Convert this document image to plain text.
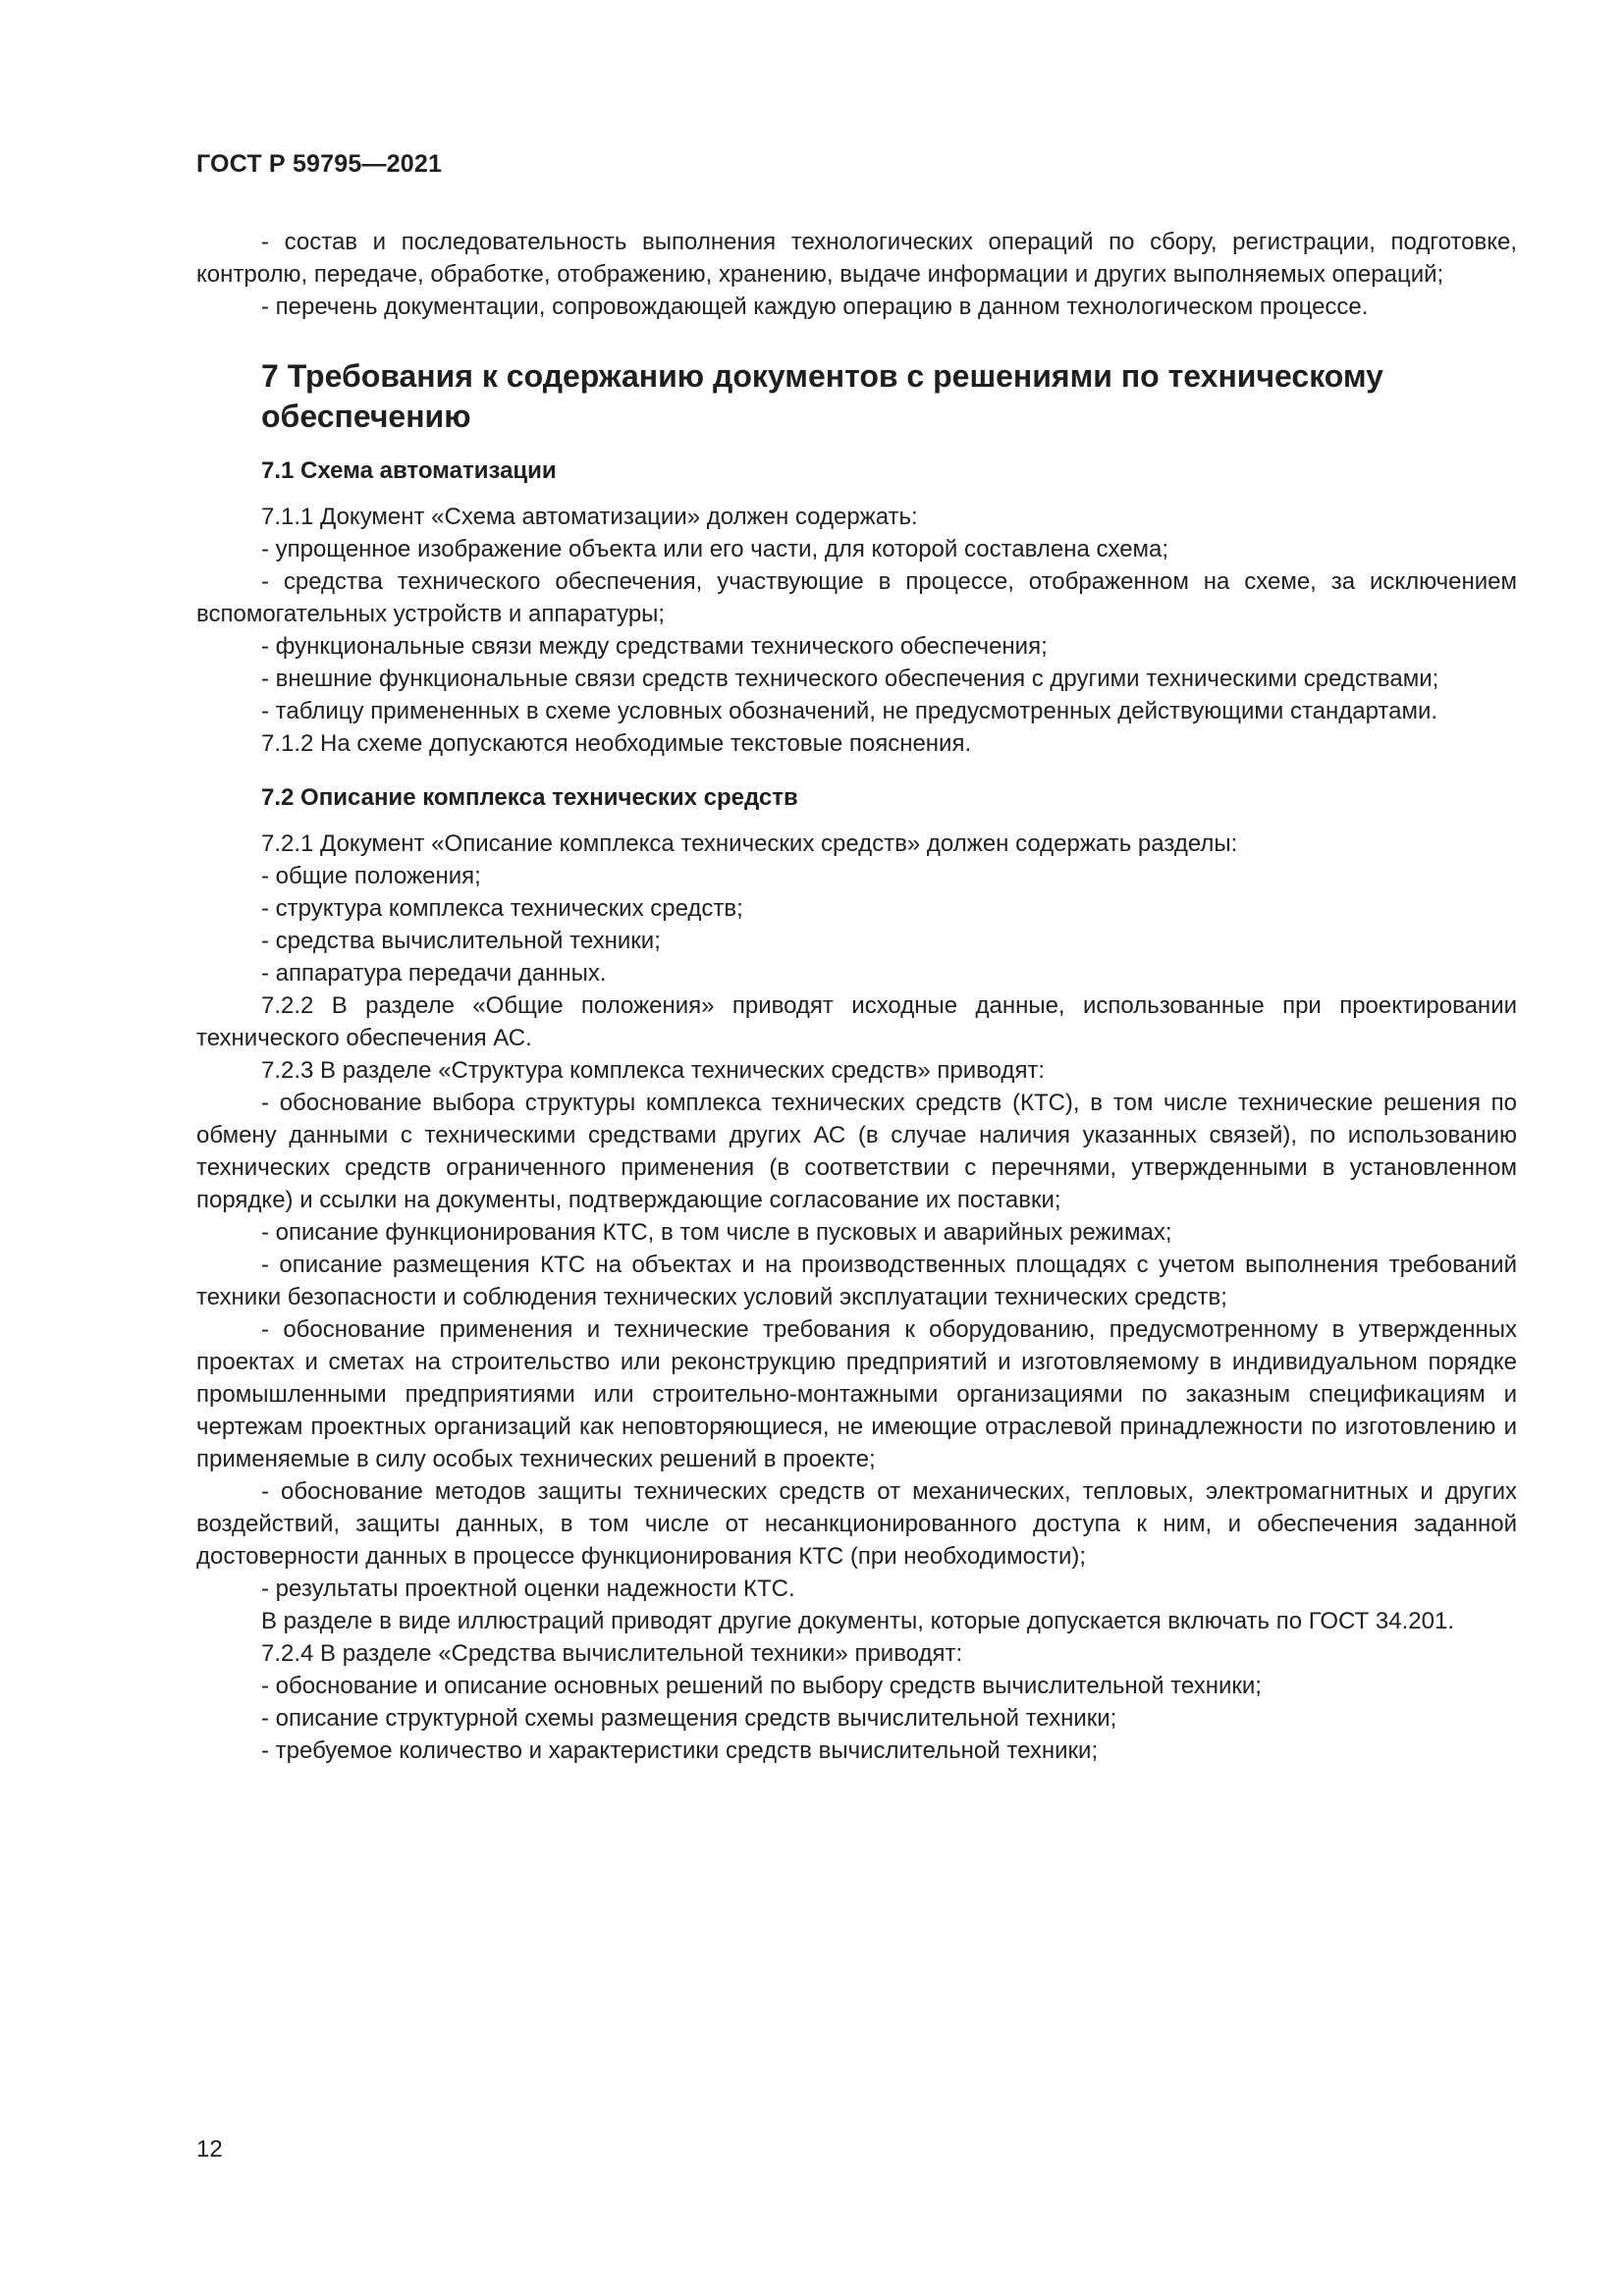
ГОСТ Р 59795—2021

- состав и последовательность выполнения технологических операций по сбору, регистрации, подготовке, контролю, передаче, обработке, отображению, хранению, выдаче информации и других выполняемых операций;

- перечень документации, сопровождающей каждую операцию в данном технологическом процессе.

7 Требования к содержанию документов с решениями по техническому обеспечению
7.1 Схема автоматизации

7.1.1 Документ «Схема автоматизации» должен содержать:

- упрощенное изображение объекта или его части, для которой составлена схема;

- средства технического обеспечения, участвующие в процессе, отображенном на схеме, за исключением вспомогательных устройств и аппаратуры;

- функциональные связи между средствами технического обеспечения;

- внешние функциональные связи средств технического обеспечения с другими техническими средствами;

- таблицу примененных в схеме условных обозначений, не предусмотренных действующими стандартами.

7.1.2 На схеме допускаются необходимые текстовые пояснения.

7.2 Описание комплекса технических средств

7.2.1 Документ «Описание комплекса технических средств» должен содержать разделы:

- общие положения;

- структура комплекса технических средств;

- средства вычислительной техники;

- аппаратура передачи данных.

7.2.2 В разделе «Общие положения» приводят исходные данные, использованные при проектировании технического обеспечения АС.

7.2.3 В разделе «Структура комплекса технических средств» приводят:

- обоснование выбора структуры комплекса технических средств (КТС), в том числе технические решения по обмену данными с техническими средствами других АС (в случае наличия указанных связей), по использованию технических средств ограниченного применения (в соответствии с перечнями, утвержденными в установленном порядке) и ссылки на документы, подтверждающие согласование их поставки;

- описание функционирования КТС, в том числе в пусковых и аварийных режимах;

- описание размещения КТС на объектах и на производственных площадях с учетом выполнения требований техники безопасности и соблюдения технических условий эксплуатации технических средств;

- обоснование применения и технические требования к оборудованию, предусмотренному в утвержденных проектах и сметах на строительство или реконструкцию предприятий и изготовляемому в индивидуальном порядке промышленными предприятиями или строительно-монтажными организациями по заказным спецификациям и чертежам проектных организаций как неповторяющиеся, не имеющие отраслевой принадлежности по изготовлению и применяемые в силу особых технических решений в проекте;

- обоснование методов защиты технических средств от механических, тепловых, электромагнитных и других воздействий, защиты данных, в том числе от несанкционированного доступа к ним, и обеспечения заданной достоверности данных в процессе функционирования КТС (при необходимости);

- результаты проектной оценки надежности КТС.

В разделе в виде иллюстраций приводят другие документы, которые допускается включать по ГОСТ 34.201.

7.2.4 В разделе «Средства вычислительной техники» приводят:

- обоснование и описание основных решений по выбору средств вычислительной техники;

- описание структурной схемы размещения средств вычислительной техники;

- требуемое количество и характеристики средств вычислительной техники;

12
